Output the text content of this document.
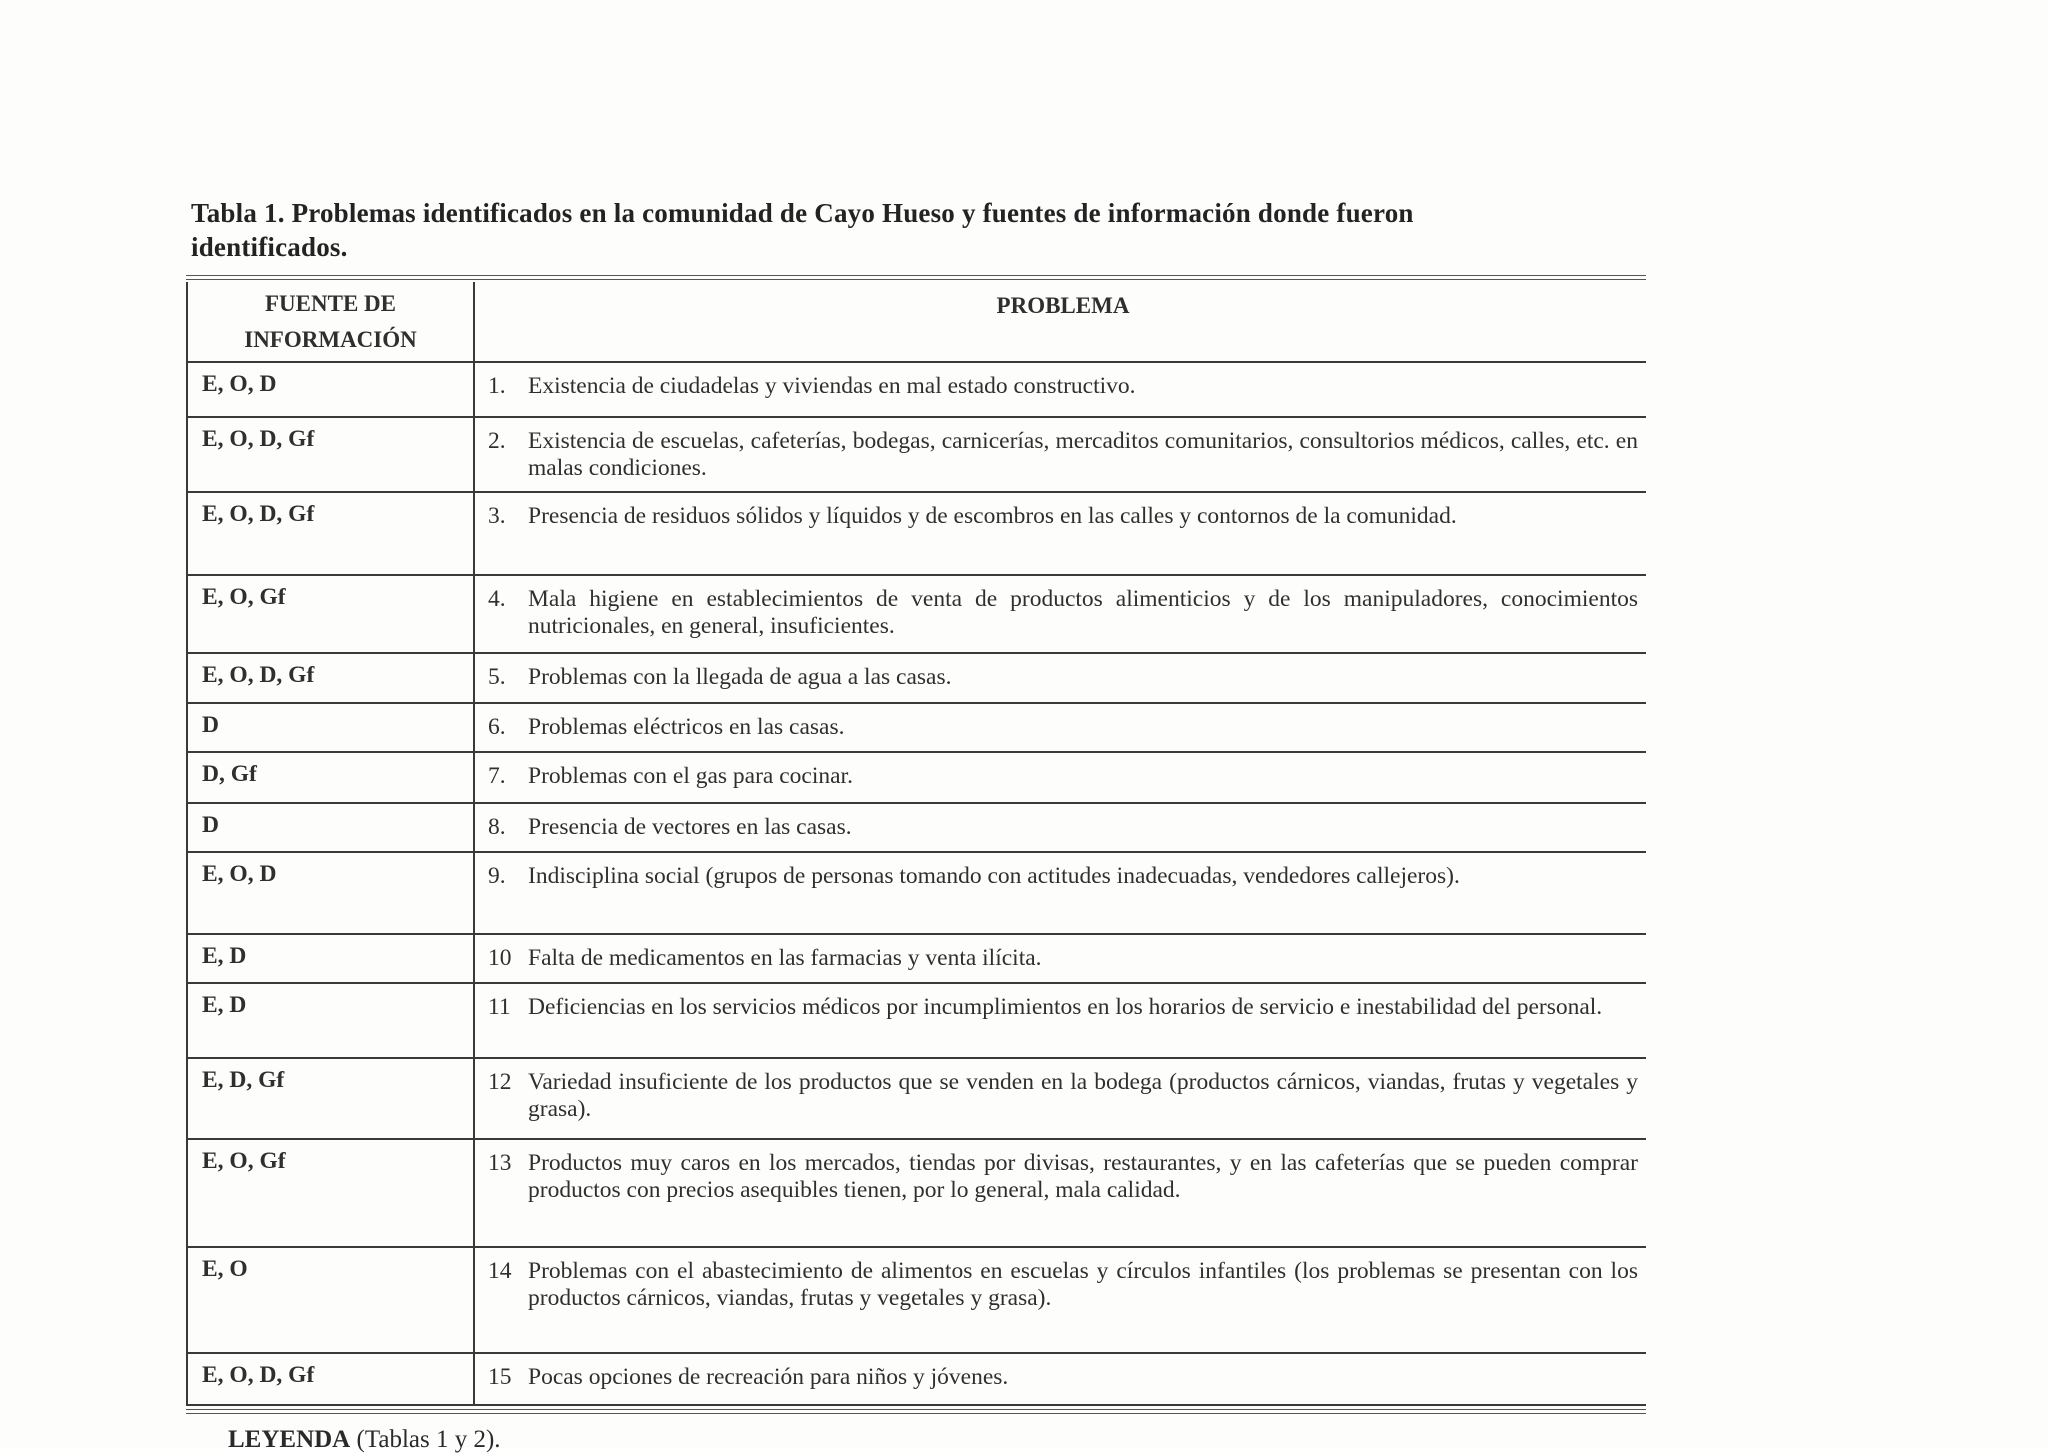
Tabla 1. Problemas identificados en la comunidad de Cayo Hueso y fuentes de información donde fueron identificados.
FUENTE DE INFORMACIÓN	PROBLEMA
E, O, D	1. Existencia de ciudadelas y viviendas en mal estado constructivo.

E, O, D, Gf	2. Existencia de escuelas, cafeterías, bodegas, carnicerías, mercaditos comunitarios, consultorios médicos, calles, etc. en malas condiciones.

E, O, D, Gf	3. Presencia de residuos sólidos y líquidos y de escombros en las calles y contornos de la comunidad.

E, O, Gf	4. Mala higiene en establecimientos de venta de productos alimenticios y de los manipuladores, conocimientos nutricionales, en general, insuficientes.

E, O, D, Gf	5. Problemas con la llegada de agua a las casas.

D	6. Problemas eléctricos en las casas.

D, Gf	7. Problemas con el gas para cocinar.

D	8. Presencia de vectores en las casas.

E, O, D	9. Indisciplina social (grupos de personas tomando con actitudes inadecuadas, vendedores callejeros).

E, D	10 Falta de medicamentos en las farmacias y venta ilícita.

E, D	11 Deficiencias en los servicios médicos por incumplimientos en los horarios de servicio e inestabilidad del personal.

E, D, Gf	12 Variedad insuficiente de los productos que se venden en la bodega (productos cárnicos, viandas, frutas y vegetales y grasa).

E, O, Gf	13 Productos muy caros en los mercados, tiendas por divisas, restaurantes, y en las cafeterías que se pueden comprar productos con precios asequibles tienen, por lo general, mala calidad.

E, O	14 Problemas con el abastecimiento de alimentos en escuelas y círculos infantiles (los problemas se presentan con los productos cárnicos, viandas, frutas y vegetales y grasa).

E, O, D, Gf	15 Pocas opciones de recreación para niños y jóvenes.
LEYENDA (Tablas 1 y 2).
